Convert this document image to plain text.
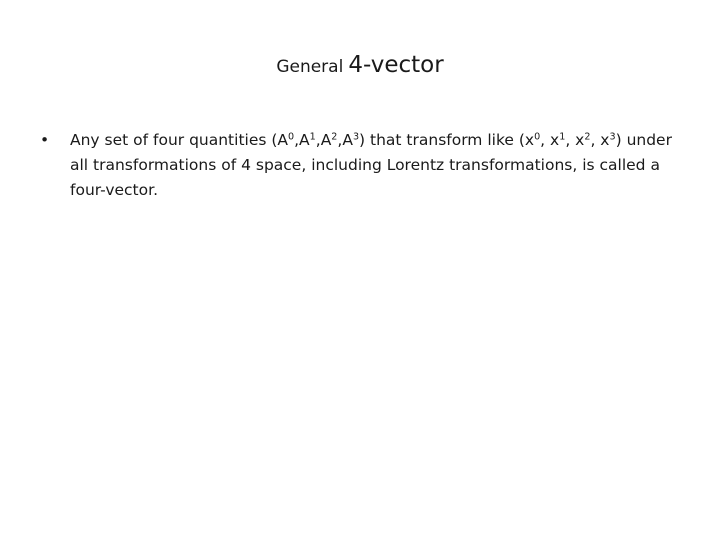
General 4-vector
• Any set of four quantities $(A^0,A^1,A^2,A^3)$ that transform like ($x^0$, $x^1$, $x^2$, $x^3$) under all transformations of 4 space, including Lorentz transformations, is called a four-vector.
